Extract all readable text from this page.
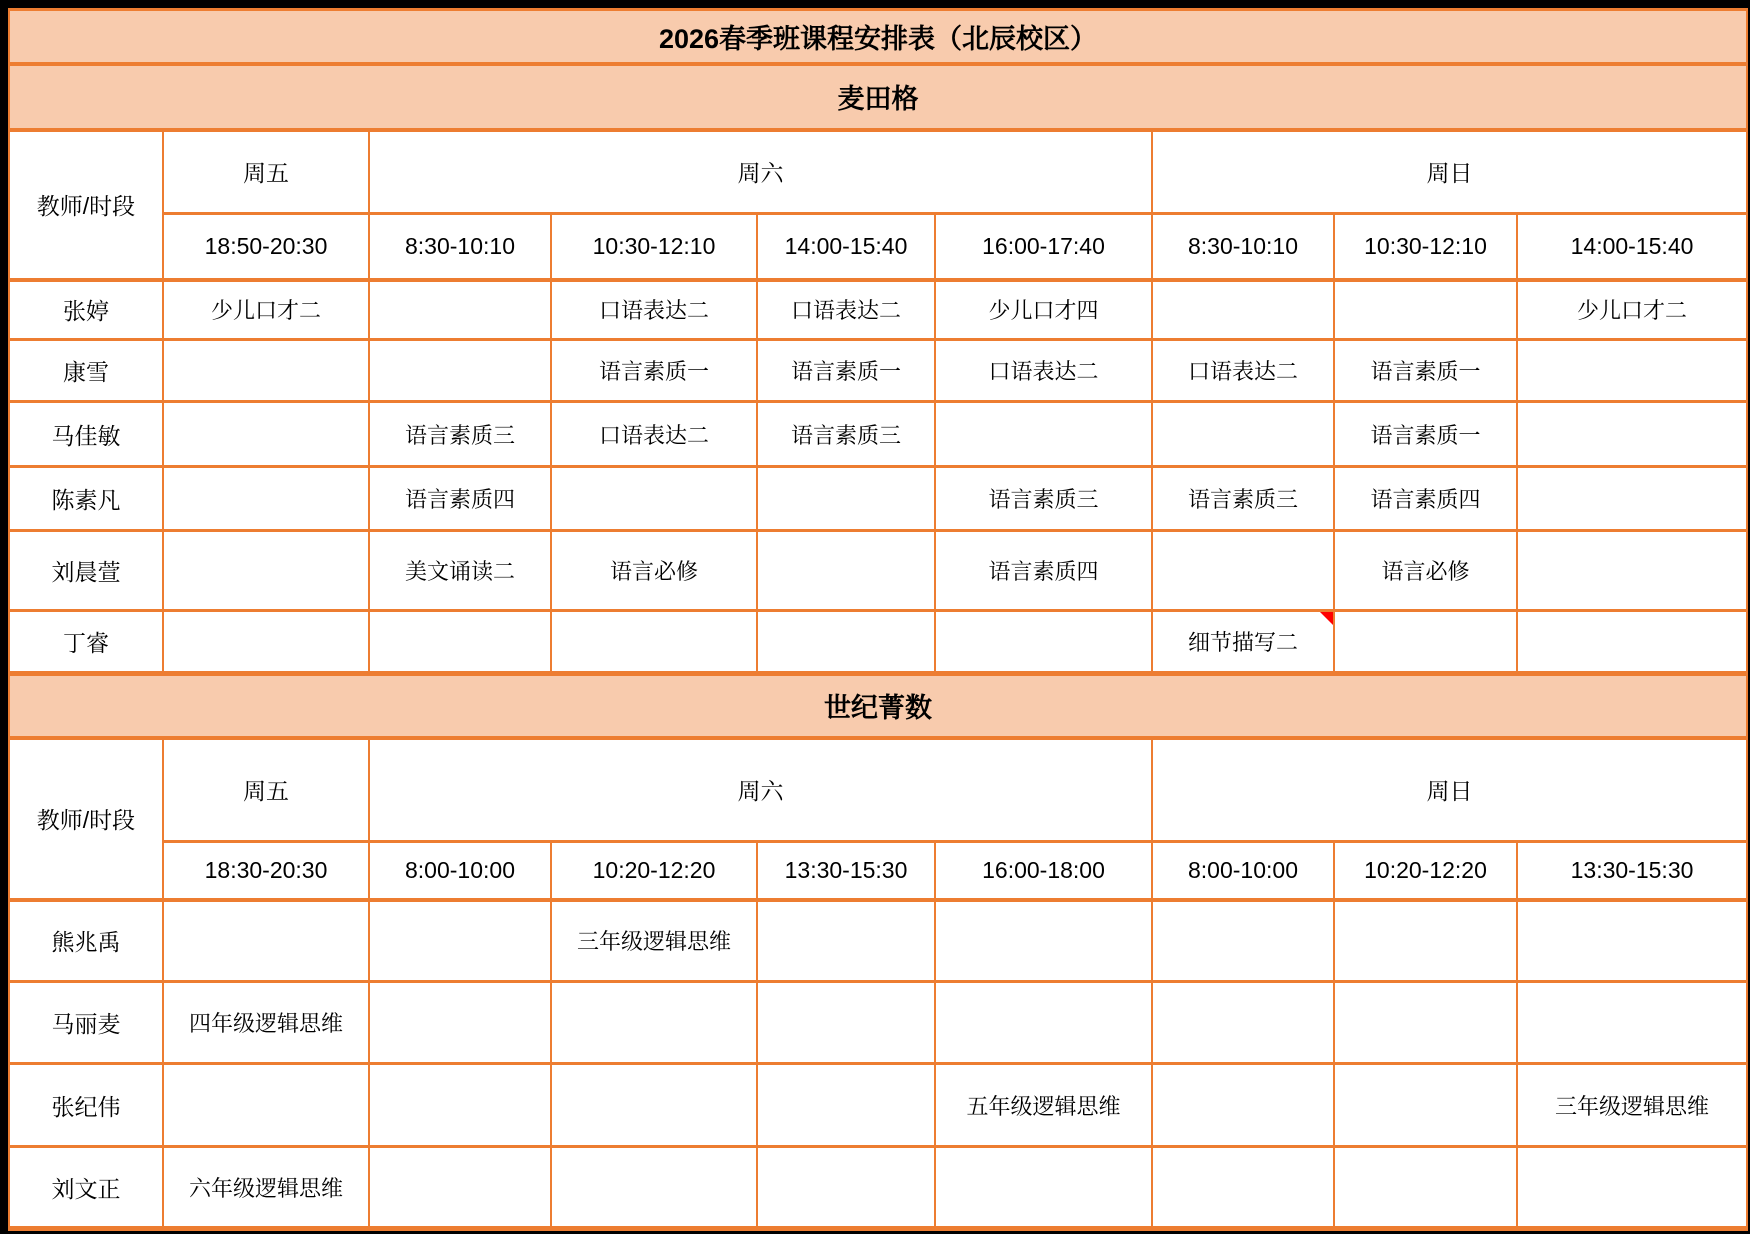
2026春季班课程安排表（北辰校区）								
麦田格								
教师/时段	周五	周六				周日		
	18:50-20:30	8:30-10:10	10:30-12:10	14:00-15:40	16:00-17:40	8:30-10:10	10:30-12:10	14:00-15:40
张婷	少儿口才二		口语表达二	口语表达二	少儿口才四			少儿口才二
康雪			语言素质一	语言素质一	口语表达二	口语表达二	语言素质一	
马佳敏		语言素质三	口语表达二	语言素质三			语言素质一	
陈素凡		语言素质四			语言素质三	语言素质三	语言素质四	
刘晨萱		美文诵读二	语言必修		语言素质四		语言必修	
丁睿						细节描写二

世纪菁数								
教师/时段	周五	周六				周日		
	18:30-20:30	8:00-10:00	10:20-12:20	13:30-15:30	16:00-18:00	8:00-10:00	10:20-12:20	13:30-15:30
熊兆禹			三年级逻辑思维					
马丽麦	四年级逻辑思维							
张纪伟					五年级逻辑思维			三年级逻辑思维
刘文正	六年级逻辑思维							
